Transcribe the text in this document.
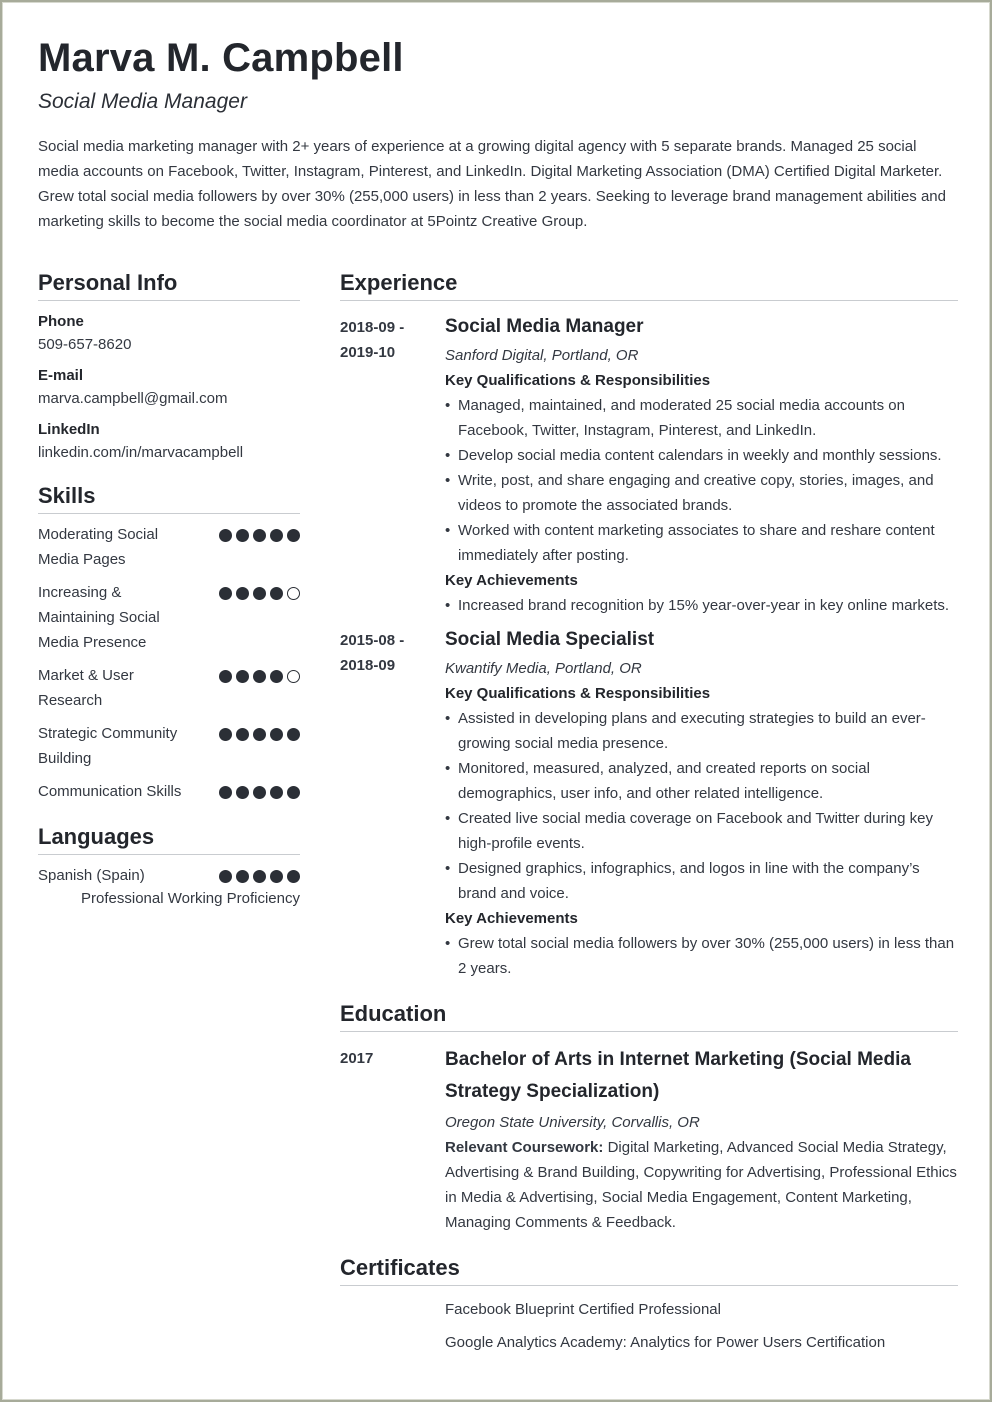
Marva M. Campbell
Social Media Manager

Social media marketing manager with 2+ years of experience at a growing digital agency with 5 separate brands. Managed 25 social media accounts on Facebook, Twitter, Instagram, Pinterest, and LinkedIn. Digital Marketing Association (DMA) Certified Digital Marketer. Grew total social media followers by over 30% (255,000 users) in less than 2 years. Seeking to leverage brand management abilities and marketing skills to become the social media coordinator at 5Pointz Creative Group.

Personal Info
Phone
509-657-8620
E-mail
marva.campbell@gmail.com
LinkedIn
linkedin.com/in/marvacampbell
Skills
Moderating Social Media Pages
Increasing & Maintaining Social Media Presence
Market & User Research
Strategic Community Building
Communication Skills
Languages
Spanish (Spain)
Professional Working Proficiency
Experience
2018-09 - 2019-10
Social Media Manager
Sanford Digital, Portland, OR
Key Qualifications & Responsibilities
• Managed, maintained, and moderated 25 social media accounts on Facebook, Twitter, Instagram, Pinterest, and LinkedIn.
• Develop social media content calendars in weekly and monthly sessions.
• Write, post, and share engaging and creative copy, stories, images, and videos to promote the associated brands.
• Worked with content marketing associates to share and reshare content immediately after posting.
Key Achievements
• Increased brand recognition by 15% year-over-year in key online markets.
2015-08 - 2018-09
Social Media Specialist
Kwantify Media, Portland, OR
Key Qualifications & Responsibilities
• Assisted in developing plans and executing strategies to build an ever-growing social media presence.
• Monitored, measured, analyzed, and created reports on social demographics, user info, and other related intelligence.
• Created live social media coverage on Facebook and Twitter during key high-profile events.
• Designed graphics, infographics, and logos in line with the company’s brand and voice.
Key Achievements
• Grew total social media followers by over 30% (255,000 users) in less than 2 years.
Education
2017	Bachelor of Arts in Internet Marketing (Social Media Strategy Specialization)
Oregon State University, Corvallis, OR
Relevant Coursework: Digital Marketing, Advanced Social Media Strategy, Advertising & Brand Building, Copywriting for Advertising, Professional Ethics in Media & Advertising, Social Media Engagement, Content Marketing, Managing Comments & Feedback.
Certificates
Facebook Blueprint Certified Professional
Google Analytics Academy: Analytics for Power Users Certification
